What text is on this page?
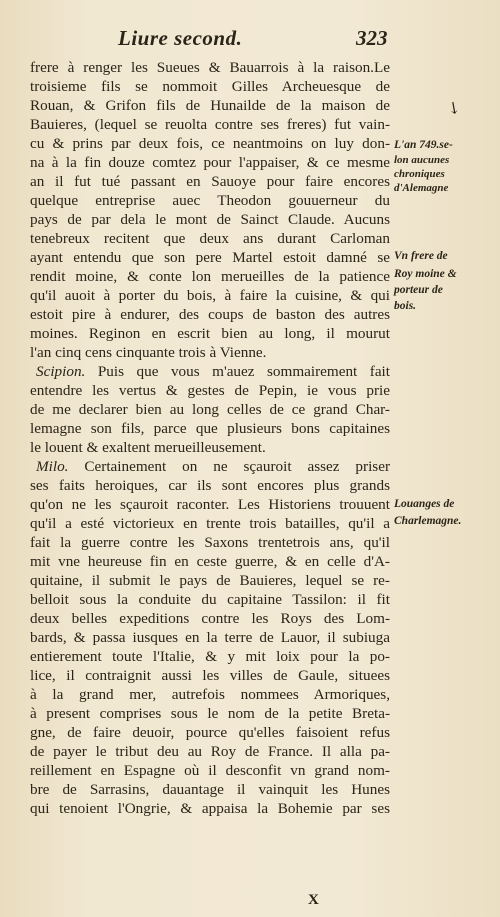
Liure second.	323
↘
frere à renger les Sueues & Bauarrois à la raison.Le
troisieme fils se nommoit Gilles Archeuesque de
Rouan, & Grifon fils de Hunailde de la maison de
Bauieres, (lequel se reuolta contre ses freres) fut vain-
cu & prins par deux fois, ce neantmoins on luy don-
na à la fin douze comtez pour l'appaiser, & ce mesme
an il fut tué passant en Sauoye pour faire encores
quelque entreprise auec Theodon gouuerneur du
pays de par dela le mont de Sainct Claude. Aucuns
tenebreux recitent que deux ans durant Carloman
ayant entendu que son pere Martel estoit damné se
rendit moine, & conte lon merueilles de la patience
qu'il auoit à porter du bois, à faire la cuisine, & qui
estoit pire à endurer, des coups de baston des autres
moines. Reginon en escrit bien au long, il mourut
l'an cinq cens cinquante trois à Vienne.
Scipion. Puis que vous m'auez sommairement fait
entendre les vertus & gestes de Pepin, ie vous prie
de me declarer bien au long celles de ce grand Char-
lemagne son fils, parce que plusieurs bons capitaines
le louent & exaltent merueilleusement.
Milo. Certainement on ne sçauroit assez priser
ses faits heroiques, car ils sont encores plus grands
qu'on ne les sçauroit raconter. Les Historiens trouuent
qu'il a esté victorieux en trente trois batailles, qu'il a
fait la guerre contre les Saxons trentetrois ans, qu'il
mit vne heureuse fin en ceste guerre, & en celle d'A-
quitaine, il submit le pays de Bauieres, lequel se re-
belloit sous la conduite du capitaine Tassilon: il fit
deux belles expeditions contre les Roys des Lom-
bards, & passa iusques en la terre de Lauor, il subiuga
entierement toute l'Italie, & y mit loix pour la po-
lice, il contraignit aussi les villes de Gaule, situees
à la grand mer, autrefois nommees Armoriques,
à present comprises sous le nom de la petite Breta-
gne, de faire deuoir, pource qu'elles faisoient refus
de payer le tribut deu au Roy de France. Il alla pa-
reillement en Espagne où il desconfit vn grand nom-
bre de Sarrasins, dauantage il vainquit les Hunes
qui tenoient l'Ongrie, & appaisa la Bohemie par ses
L'an 749.se-
lon aucunes
chroniques
d'Alemagne
Vn frere de
Roy moine &
porteur de
bois.
Louanges de
Charlemagne.
X
